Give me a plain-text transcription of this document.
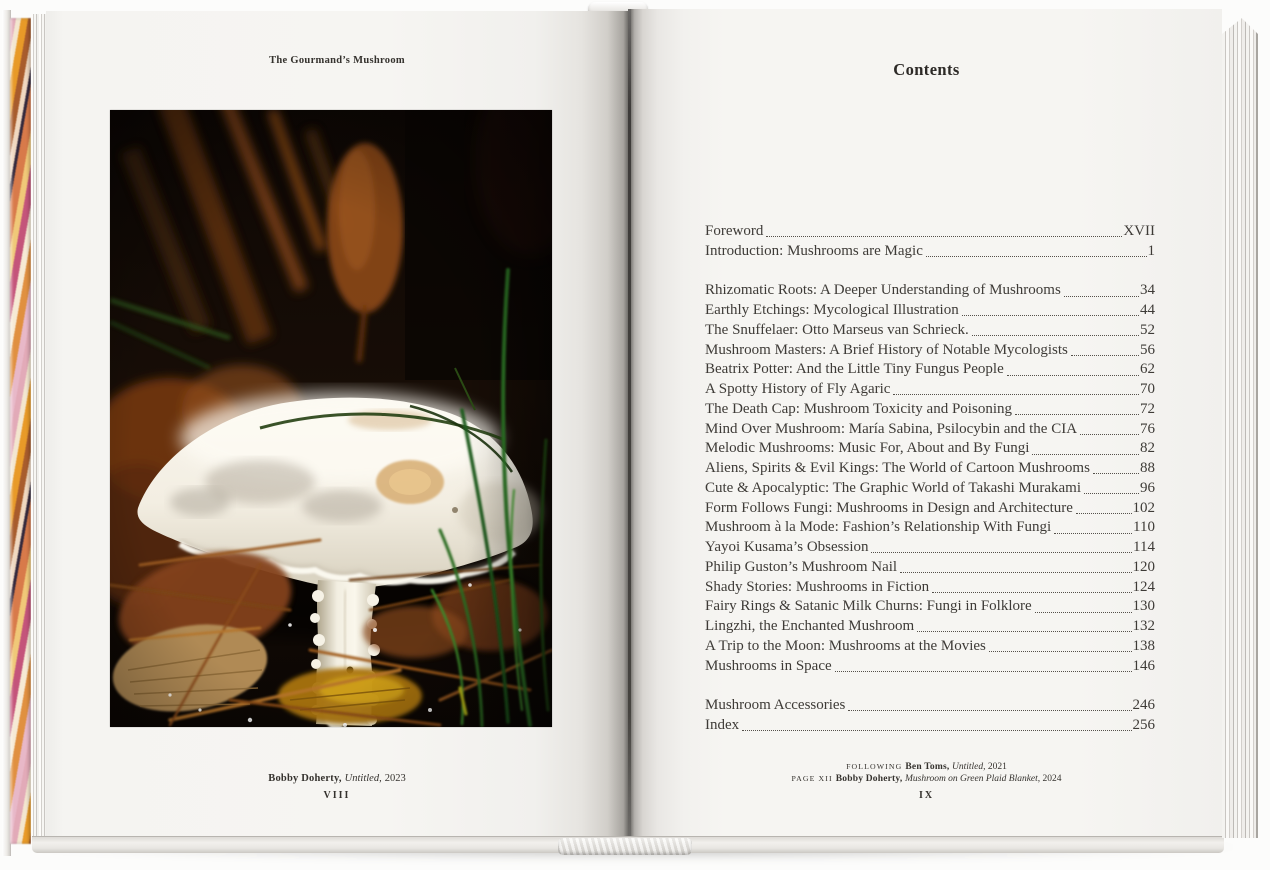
The Gourmand’s Mushroom
Bobby Doherty, Untitled, 2023
VIII
Contents
Foreword	XVII
Introduction: Mushrooms are Magic	1
Rhizomatic Roots: A Deeper Understanding of Mushrooms	34
Earthly Etchings: Mycological Illustration	44
The Snuffelaer: Otto Marseus van Schrieck.	52
Mushroom Masters: A Brief History of Notable Mycologists	56
Beatrix Potter: And the Little Tiny Fungus People	62
A Spotty History of Fly Agaric	70
The Death Cap: Mushroom Toxicity and Poisoning	72
Mind Over Mushroom: María Sabina, Psilocybin and the CIA	76
Melodic Mushrooms: Music For, About and By Fungi	82
Aliens, Spirits & Evil Kings: The World of Cartoon Mushrooms	88
Cute & Apocalyptic: The Graphic World of Takashi Murakami	96
Form Follows Fungi: Mushrooms in Design and Architecture	102
Mushroom à la Mode: Fashion’s Relationship With Fungi	110
Yayoi Kusama’s Obsession	114
Philip Guston’s Mushroom Nail	120
Shady Stories: Mushrooms in Fiction	124
Fairy Rings & Satanic Milk Churns: Fungi in Folklore	130
Lingzhi, the Enchanted Mushroom	132
A Trip to the Moon: Mushrooms at the Movies	138
Mushrooms in Space	146
Mushroom Accessories	246
Index	256
FOLLOWING Ben Toms, Untitled, 2021
PAGE XII Bobby Doherty, Mushroom on Green Plaid Blanket, 2024
IX
